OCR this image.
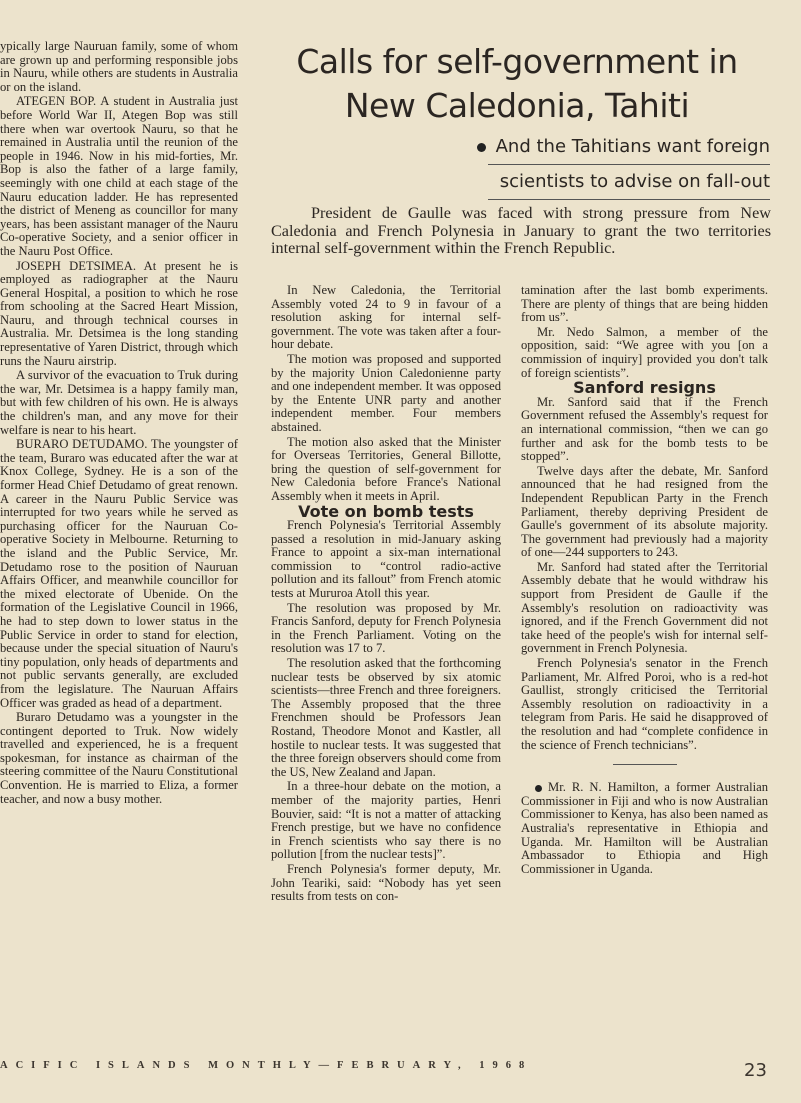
ypically large Nauruan family, some of whom are grown up and performing responsible jobs in Nauru, while others are students in Australia or on the island.

ATEGEN BOP. A student in Australia just before World War II, Ategen Bop was still there when war overtook Nauru, so that he remained in Australia until the reunion of the people in 1946. Now in his mid-forties, Mr. Bop is also the father of a large family, seemingly with one child at each stage of the Nauru education ladder. He has represented the district of Meneng as councillor for many years, has been assistant manager of the Nauru Co-operative Society, and a senior officer in the Nauru Post Office.

JOSEPH DETSIMEA. At present he is employed as radiographer at the Nauru General Hospital, a position to which he rose from schooling at the Sacred Heart Mission, Nauru, and through technical courses in Australia. Mr. Detsimea is the long standing representative of Yaren District, through which runs the Nauru airstrip.

A survivor of the evacuation to Truk during the war, Mr. Detsimea is a happy family man, but with few children of his own. He is always the children's man, and any move for their welfare is near to his heart.

BURARO DETUDAMO. The youngster of the team, Buraro was educated after the war at Knox College, Sydney. He is a son of the former Head Chief Detudamo of great renown. A career in the Nauru Public Service was interrupted for two years while he served as purchasing officer for the Nauruan Co-operative Society in Melbourne. Returning to the island and the Public Service, Mr. Detudamo rose to the position of Nauruan Affairs Officer, and meanwhile councillor for the mixed electorate of Ubenide. On the formation of the Legislative Council in 1966, he had to step down to lower status in the Public Service in order to stand for election, because under the special situation of Nauru's tiny population, only heads of departments and not public servants generally, are excluded from the legislature. The Nauruan Affairs Officer was graded as head of a department.

Buraro Detudamo was a youngster in the contingent deported to Truk. Now widely travelled and experienced, he is a frequent spokesman, for instance as chairman of the steering committee of the Nauru Constitutional Convention. He is married to Eliza, a former teacher, and now a busy mother.

Calls for self-government in
New Caledonia, Tahiti
And the Tahitians want foreign
scientists to advise on fall-out
President de Gaulle was faced with strong pressure from New Caledonia and French Polynesia in January to grant the two territories internal self-government within the French Republic.

In New Caledonia, the Territorial Assembly voted 24 to 9 in favour of a resolution asking for internal self-government. The vote was taken after a four-hour debate.

The motion was proposed and supported by the majority Union Caledonienne party and one independent member. It was opposed by the Entente UNR party and another independent member. Four members abstained.

The motion also asked that the Minister for Overseas Territories, General Billotte, bring the question of self-government for New Caledonia before France's National Assembly when it meets in April.

Vote on bomb tests

French Polynesia's Territorial Assembly passed a resolution in mid-January asking France to appoint a six-man international commission to “control radio-active pollution and its fallout” from French atomic tests at Mururoa Atoll this year.

The resolution was proposed by Mr. Francis Sanford, deputy for French Polynesia in the French Parliament. Voting on the resolution was 17 to 7.

The resolution asked that the forthcoming nuclear tests be observed by six atomic scientists—three French and three foreigners. The Assembly proposed that the three Frenchmen should be Professors Jean Rostand, Theodore Monot and Kastler, all hostile to nuclear tests. It was suggested that the three foreign observers should come from the US, New Zealand and Japan.

In a three-hour debate on the motion, a member of the majority parties, Henri Bouvier, said: “It is not a matter of attacking French prestige, but we have no confidence in French scientists who say there is no pollution [from the nuclear tests]”.

French Polynesia's former deputy, Mr. John Teariki, said: “Nobody has yet seen results from tests on con-

tamination after the last bomb experiments. There are plenty of things that are being hidden from us”.

Mr. Nedo Salmon, a member of the opposition, said: “We agree with you [on a commission of inquiry] provided you don't talk of foreign scientists”.

Sanford resigns

Mr. Sanford said that if the French Government refused the Assembly's request for an international commission, “then we can go further and ask for the bomb tests to be stopped”.

Twelve days after the debate, Mr. Sanford announced that he had resigned from the Independent Republican Party in the French Parliament, thereby depriving President de Gaulle's government of its absolute majority. The government had previously had a majority of one—244 supporters to 243.

Mr. Sanford had stated after the Territorial Assembly debate that he would withdraw his support from President de Gaulle if the Assembly's resolution on radioactivity was ignored, and if the French Government did not take heed of the people's wish for internal self-government in French Polynesia.

French Polynesia's senator in the French Parliament, Mr. Alfred Poroi, who is a red-hot Gaullist, strongly criticised the Territorial Assembly resolution on radioactivity in a telegram from Paris. He said he disapproved of the resolution and had “complete confidence in the science of French technicians”.

Mr. R. N. Hamilton, a former Australian Commissioner in Fiji and who is now Australian Commissioner to Kenya, has also been named as Australia's representative in Ethiopia and Uganda. Mr. Hamilton will be Australian Ambassador to Ethiopia and High Commissioner in Uganda.

ACIFIC ISLANDS MONTHLY—FEBRUARY, 1968	23
